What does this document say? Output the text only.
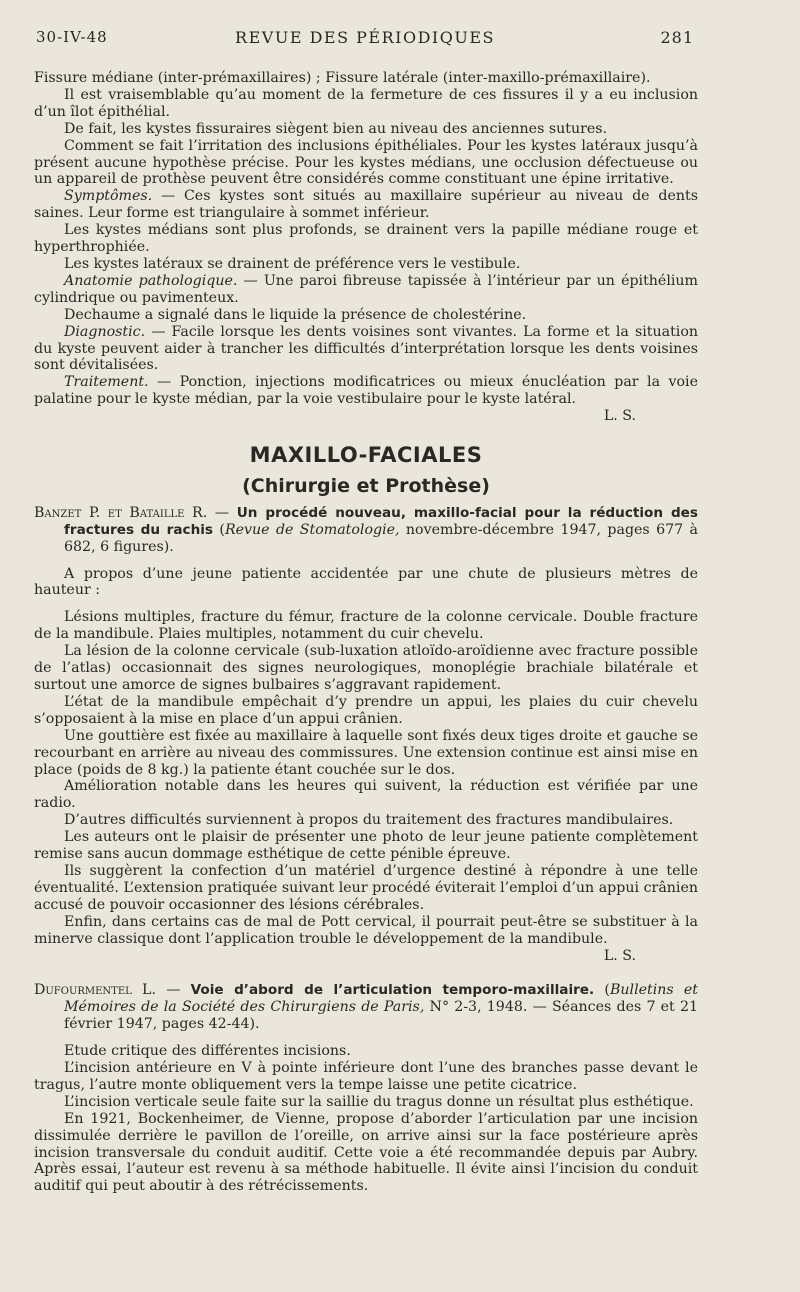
30-IV-48	REVUE DES PÉRIODIQUES	281

Fissure médiane (inter-prémaxillaires) ; Fissure latérale (inter-maxillo-prémaxillaire).

Il est vraisemblable qu’au moment de la fermeture de ces fissures il y a eu inclusion d’un îlot épithélial.

De fait, les kystes fissuraires siègent bien au niveau des anciennes sutures.

Comment se fait l’irritation des inclusions épithéliales. Pour les kystes latéraux jusqu’à présent aucune hypothèse précise. Pour les kystes médians, une occlusion défectueuse ou un appareil de prothèse peuvent être considérés comme constituant une épine irritative.

Symptômes. — Ces kystes sont situés au maxillaire supérieur au niveau de dents saines. Leur forme est triangulaire à sommet inférieur.

Les kystes médians sont plus profonds, se drainent vers la papille médiane rouge et hyperthrophiée.

Les kystes latéraux se drainent de préférence vers le vestibule.

Anatomie pathologique. — Une paroi fibreuse tapissée à l’intérieur par un épithélium cylindrique ou pavimenteux.

Dechaume a signalé dans le liquide la présence de cholestérine.

Diagnostic. — Facile lorsque les dents voisines sont vivantes. La forme et la situation du kyste peuvent aider à trancher les difficultés d’interprétation lorsque les dents voisines sont dévitalisées.

Traitement. — Ponction, injections modificatrices ou mieux énucléation par la voie palatine pour le kyste médian, par la voie vestibulaire pour le kyste latéral.

L. S.

MAXILLO-FACIALES
(Chirurgie et Prothèse)

Banzet P. et Bataille R. — Un procédé nouveau, maxillo-facial pour la réduction des fractures du rachis (Revue de Stomatologie, novembre-décembre 1947, pages 677 à 682, 6 figures).

A propos d’une jeune patiente accidentée par une chute de plusieurs mètres de hauteur :

Lésions multiples, fracture du fémur, fracture de la colonne cervicale. Double fracture de la mandibule. Plaies multiples, notamment du cuir chevelu.

La lésion de la colonne cervicale (sub-luxation atloïdo-aroïdienne avec fracture possible de l’atlas) occasionnait des signes neurologiques, monoplégie brachiale bilatérale et surtout une amorce de signes bulbaires s’aggravant rapidement.

L’état de la mandibule empêchait d’y prendre un appui, les plaies du cuir chevelu s’opposaient à la mise en place d’un appui crânien.

Une gouttière est fixée au maxillaire à laquelle sont fixés deux tiges droite et gauche se recourbant en arrière au niveau des commissures. Une extension continue est ainsi mise en place (poids de 8 kg.) la patiente étant couchée sur le dos.

Amélioration notable dans les heures qui suivent, la réduction est vérifiée par une radio.

D’autres difficultés surviennent à propos du traitement des fractures mandibulaires.

Les auteurs ont le plaisir de présenter une photo de leur jeune patiente complètement remise sans aucun dommage esthétique de cette pénible épreuve.

Ils suggèrent la confection d’un matériel d’urgence destiné à répondre à une telle éventualité. L’extension pratiquée suivant leur procédé éviterait l’emploi d’un appui crânien accusé de pouvoir occasionner des lésions cérébrales.

Enfin, dans certains cas de mal de Pott cervical, il pourrait peut-être se substituer à la minerve classique dont l’application trouble le développement de la mandibule.

L. S.

Dufourmentel L. — Voie d’abord de l’articulation temporo-maxillaire. (Bulletins et Mémoires de la Société des Chirurgiens de Paris, N° 2-3, 1948. — Séances des 7 et 21 février 1947, pages 42-44).

Etude critique des différentes incisions.

L’incision antérieure en V à pointe inférieure dont l’une des branches passe devant le tragus, l’autre monte obliquement vers la tempe laisse une petite cicatrice.

L’incision verticale seule faite sur la saillie du tragus donne un résultat plus esthétique.

En 1921, Bockenheimer, de Vienne, propose d’aborder l’articulation par une incision dissimulée derrière le pavillon de l’oreille, on arrive ainsi sur la face postérieure après incision transversale du conduit auditif. Cette voie a été recommandée depuis par Aubry. Après essai, l’auteur est revenu à sa méthode habituelle. Il évite ainsi l’incision du conduit auditif qui peut aboutir à des rétrécissements.
